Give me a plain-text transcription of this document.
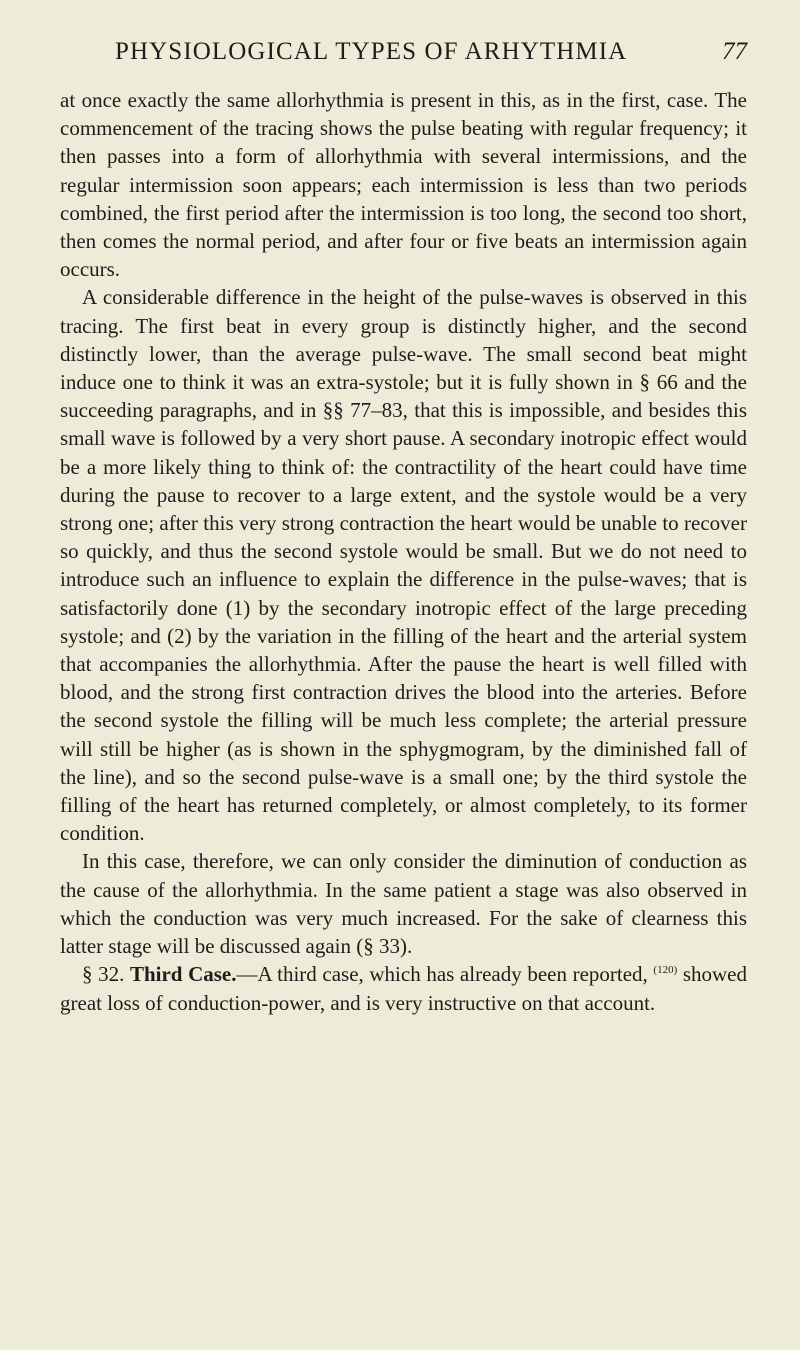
PHYSIOLOGICAL TYPES OF ARHYTHMIA	77

at once exactly the same allorhythmia is present in this, as in the first, case. The commencement of the tracing shows the pulse beating with regular frequency; it then passes into a form of allorhythmia with several intermissions, and the regular intermission soon appears; each intermission is less than two periods combined, the first period after the intermission is too long, the second too short, then comes the normal period, and after four or five beats an intermission again occurs.

A considerable difference in the height of the pulse-waves is observed in this tracing. The first beat in every group is distinctly higher, and the second distinctly lower, than the average pulse-wave. The small second beat might induce one to think it was an extra-systole; but it is fully shown in § 66 and the succeeding paragraphs, and in §§ 77–83, that this is impossible, and besides this small wave is followed by a very short pause. A secondary inotropic effect would be a more likely thing to think of: the contractility of the heart could have time during the pause to recover to a large extent, and the systole would be a very strong one; after this very strong contraction the heart would be unable to recover so quickly, and thus the second systole would be small. But we do not need to introduce such an influence to explain the difference in the pulse-waves; that is satisfactorily done (1) by the secondary inotropic effect of the large preceding systole; and (2) by the variation in the filling of the heart and the arterial system that accompanies the allorhythmia. After the pause the heart is well filled with blood, and the strong first contraction drives the blood into the arteries. Before the second systole the filling will be much less complete; the arterial pressure will still be higher (as is shown in the sphygmogram, by the diminished fall of the line), and so the second pulse-wave is a small one; by the third systole the filling of the heart has returned completely, or almost completely, to its former condition.

In this case, therefore, we can only consider the diminution of conduction as the cause of the allorhythmia. In the same patient a stage was also observed in which the conduction was very much increased. For the sake of clearness this latter stage will be discussed again (§ 33).

§ 32. Third Case.—A third case, which has already been reported, $^{(120)}$ showed great loss of conduction-power, and is very instructive on that account.
